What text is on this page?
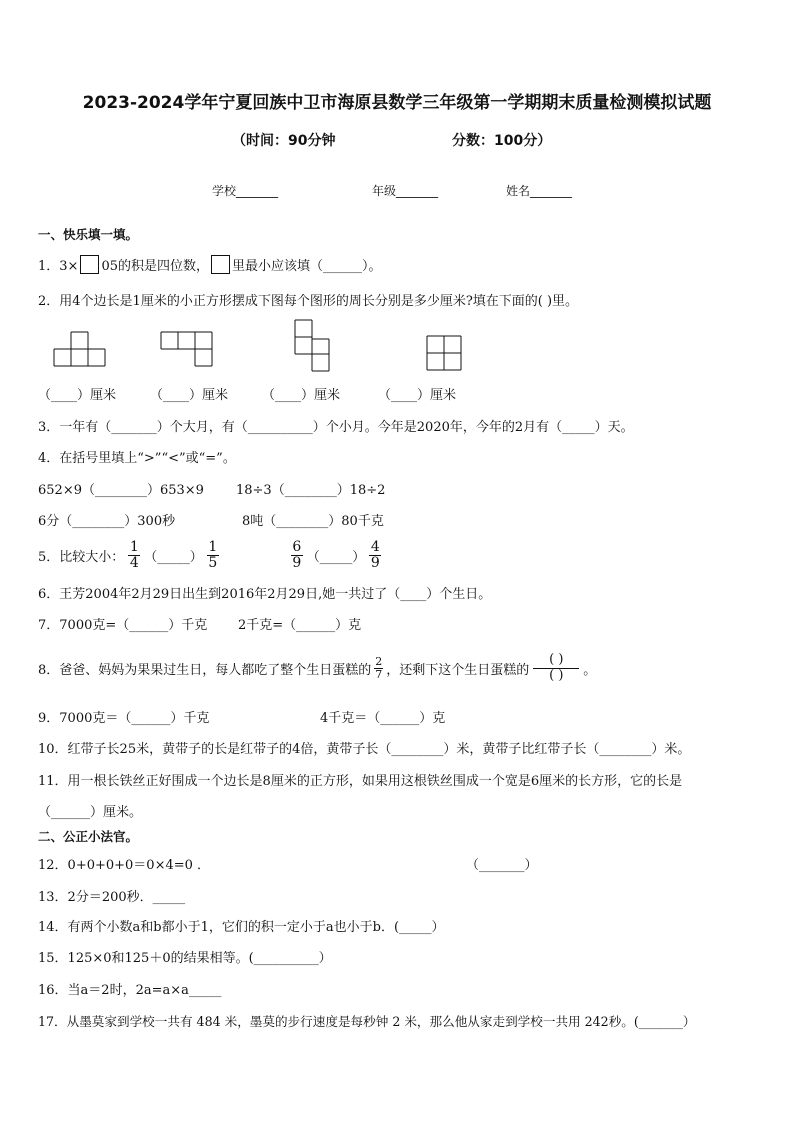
2023-2024学年宁夏回族中卫市海原县数学三年级第一学期期末质量检测模拟试题
（时间：90分钟	分数：100分）
学校_______	年级_______	姓名_______
一、快乐填一填。
1．3× 05的积是四位数， 里最小应该填（______）。
2．用4个边长是1厘米的小正方形摆成下图每个图形的周长分别是多少厘米?填在下面的( )里。
（____）厘米	（____）厘米	（____）厘米	（____）厘米
3．一年有（_______）个大月，有（__________）个小月。今年是2020年，今年的2月有（_____）天。
4．在括号里填上“>”“<”或“=”。
652×9（________）653×9 18÷3（________）18÷2
6分（________）300秒	8吨（________）80千克
5．比较大小： $\frac{1}{4}$ （_____） $\frac{1}{5}$	$\frac{6}{9}$ （_____） $\frac{4}{9}$
6．王芳2004年2月29日出生到2016年2月29日,她一共过了（____）个生日。
7．7000克=（______）千克 2千克=（______）克
8．爸爸、妈妈为果果过生日，每人都吃了整个生日蛋糕的
2
7 ，还剩下这个生日蛋糕的
( )
( ) 。
9．7000克＝（______）千克	4千克＝（______）克
10．红带子长25米，黄带子的长是红带子的4倍，黄带子长（________）米，黄带子比红带子长（________）米。
11．用一根长铁丝正好围成一个边长是8厘米的正方形，如果用这根铁丝围成一个宽是6厘米的长方形，它的长是
（______）厘米。
二、公正小法官。
12．0+0+0+0＝0×4=0 ．	（_______）
13．2分＝200秒．_____
14．有两个小数a和b都小于1，它们的积一定小于a也小于b．(_____）
15．125×0和125＋0的结果相等。(__________）
16．当a＝2时，2a=a×a_____
17．从墨莫家到学校一共有 484 米，墨莫的步行速度是每秒钟 2 米，那么他从家走到学校一共用 242秒。(_______）
